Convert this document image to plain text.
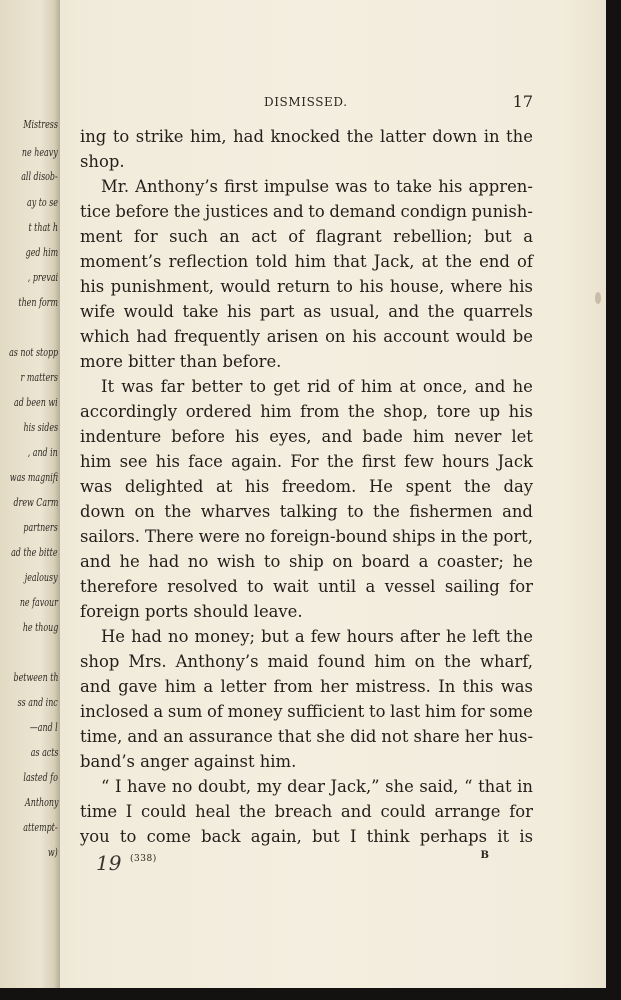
Mistress
ne heavy
all disob-
ay to se
t that h
ged him
, prevai
then form
as not stopp
r matters
ad been wi
his sides
, and in
was magnifi
drew Carm
partners
ad the bitte
jealousy
ne favour
he thoug
between th
ss and inc
—and l
as acts
lasted fo
Anthony
attempt-
w)
DISMISSED.	17
ing to strike him, had knocked the latter down in the
shop.
Mr. Anthony’s first impulse was to take his appren-
tice before the justices and to demand condign punish-
ment for such an act of flagrant rebellion; but a
moment’s reflection told him that Jack, at the end of
his punishment, would return to his house, where his
wife would take his part as usual, and the quarrels
which had frequently arisen on his account would be
more bitter than before.
It was far better to get rid of him at once, and he
accordingly ordered him from the shop, tore up his
indenture before his eyes, and bade him never let
him see his face again. For the first few hours Jack
was delighted at his freedom. He spent the day
down on the wharves talking to the fishermen and
sailors. There were no foreign-bound ships in the port,
and he had no wish to ship on board a coaster; he
therefore resolved to wait until a vessel sailing for
foreign ports should leave.
He had no money; but a few hours after he left the
shop Mrs. Anthony’s maid found him on the wharf,
and gave him a letter from her mistress. In this was
inclosed a sum of money sufficient to last him for some
time, and an assurance that she did not share her hus-
band’s anger against him.
“ I have no doubt, my dear Jack,” she said, “ that in
time I could heal the breach and could arrange for
you to come back again, but I think perhaps it is
19 (338)	B
